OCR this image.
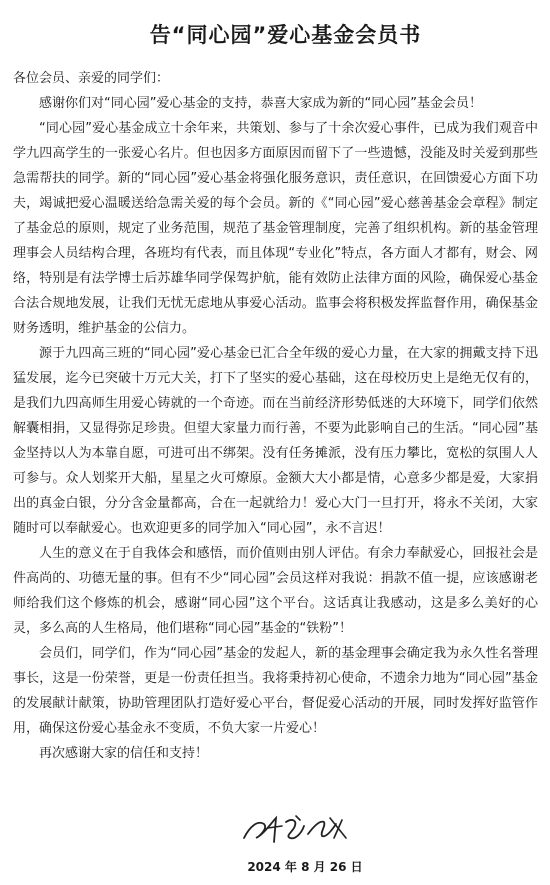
告“同心园”爱心基金会员书

各位会员、亲爱的同学们：

感谢你们对“同心园”爱心基金的支持，恭喜大家成为新的“同心园”基金会员！

“同心园”爱心基金成立十余年来，共策划、参与了十余次爱心事件，已成为我们观音中学九四高学生的一张爱心名片。但也因多方面原因而留下了一些遗憾，没能及时关爱到那些急需帮扶的同学。新的“同心园”爱心基金将强化服务意识，责任意识，在回馈爱心方面下功夫，竭诚把爱心温暖送给急需关爱的每个会员。新的《“同心园”爱心慈善基金会章程》制定了基金总的原则，规定了业务范围，规范了基金管理制度，完善了组织机构。新的基金管理理事会人员结构合理，各班均有代表，而且体现“专业化”特点，各方面人才都有，财会、网络，特别是有法学博士后苏雄华同学保驾护航，能有效防止法律方面的风险，确保爱心基金合法合规地发展，让我们无忧无虑地从事爱心活动。监事会将积极发挥监督作用，确保基金财务透明，维护基金的公信力。

源于九四高三班的“同心园”爱心基金已汇合全年级的爱心力量，在大家的拥戴支持下迅猛发展，迄今已突破十万元大关，打下了坚实的爱心基础，这在母校历史上是绝无仅有的，是我们九四高师生用爱心铸就的一个奇迹。而在当前经济形势低迷的大环境下，同学们依然解囊相捐，又显得弥足珍贵。但望大家量力而行善，不要为此影响自己的生活。“同心园”基金坚持以人为本靠自愿，可进可出不绑架。没有任务摊派，没有压力攀比，宽松的氛围人人可参与。众人划桨开大船，星星之火可燎原。金额大大小都是情，心意多少都是爱，大家捐出的真金白银，分分含金量都高，合在一起就给力！爱心大门一旦打开，将永不关闭，大家随时可以奉献爱心。也欢迎更多的同学加入“同心园”，永不言迟！

人生的意义在于自我体会和感悟，而价值则由别人评估。有余力奉献爱心，回报社会是件高尚的、功德无量的事。但有不少“同心园”会员这样对我说：捐款不值一提，应该感谢老师给我们这个修炼的机会，感谢“同心园”这个平台。这话真让我感动，这是多么美好的心灵，多么高的人生格局，他们堪称“同心园”基金的“铁粉”！

会员们，同学们，作为“同心园”基金的发起人，新的基金理事会确定我为永久性名誉理事长，这是一份荣誉，更是一份责任担当。我将秉持初心使命，不遗余力地为“同心园”基金的发展献计献策，协助管理团队打造好爱心平台，督促爱心活动的开展，同时发挥好监管作用，确保这份爱心基金永不变质，不负大家一片爱心！

再次感谢大家的信任和支持！

2024 年 8 月 26 日
